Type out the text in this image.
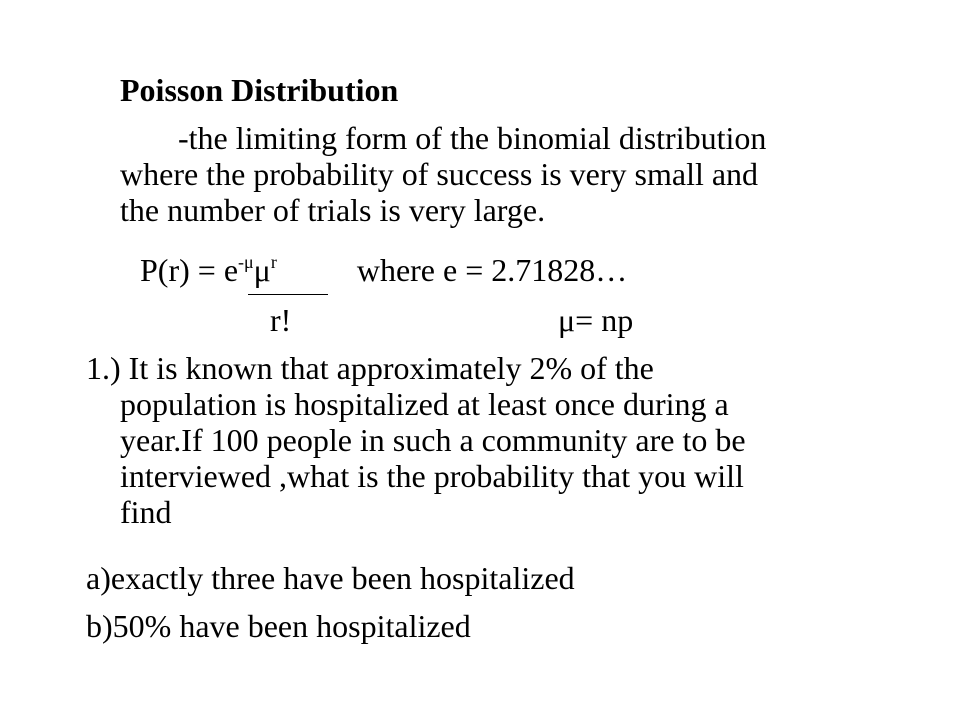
Poisson Distribution
-the limiting form of the binomial distribution
where the probability of success is very small and
the number of trials is very large.
$P(r) = e^{-\mu}\mu^r$	where e = 2.71828…
r!	μ= np
1.) It is known that approximately 2% of the
population is hospitalized at least once during a
year.If 100 people in such a community are to be
interviewed ,what is the probability that you will
find
a)exactly three have been hospitalized
b)50% have been hospitalized
